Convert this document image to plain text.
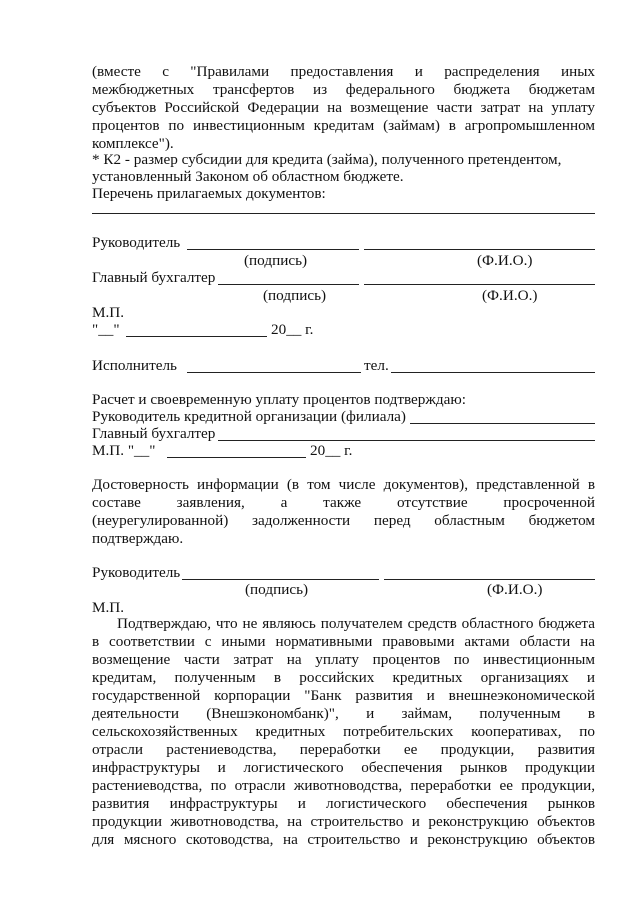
(вместе с "Правилами предоставления и распределения иных
межбюджетных трансфертов из федерального бюджета бюджетам
субъектов Российской Федерации на возмещение части затрат на уплату
процентов по инвестиционным кредитам (займам) в агропромышленном
комплексе").
* К2 - размер субсидии для кредита (займа), полученного претендентом,
установленный Законом об областном бюджете.
Перечень прилагаемых документов:
Руководитель
(подпись)	(Ф.И.О.)
Главный бухгалтер
(подпись)	(Ф.И.О.)
М.П.
"__"	20__ г.
Исполнитель	тел.
Расчет и своевременную уплату процентов подтверждаю:
Руководитель кредитной организации (филиала)
Главный бухгалтер
М.П. "__"	20__ г.
Достоверность информации (в том числе документов), представленной в
составе заявления, а также отсутствие просроченной
(неурегулированной) задолженности перед областным бюджетом
подтверждаю.
Руководитель
(подпись)	(Ф.И.О.)
М.П.
Подтверждаю, что не являюсь получателем средств областного бюджета
в соответствии с иными нормативными правовыми актами области на
возмещение части затрат на уплату процентов по инвестиционным
кредитам, полученным в российских кредитных организациях и
государственной корпорации "Банк развития и внешнеэкономической
деятельности (Внешэкономбанк)", и займам, полученным в
сельскохозяйственных кредитных потребительских кооперативах, по
отрасли растениеводства, переработки ее продукции, развития
инфраструктуры и логистического обеспечения рынков продукции
растениеводства, по отрасли животноводства, переработки ее продукции,
развития инфраструктуры и логистического обеспечения рынков
продукции животноводства, на строительство и реконструкцию объектов
для мясного скотоводства, на строительство и реконструкцию объектов
